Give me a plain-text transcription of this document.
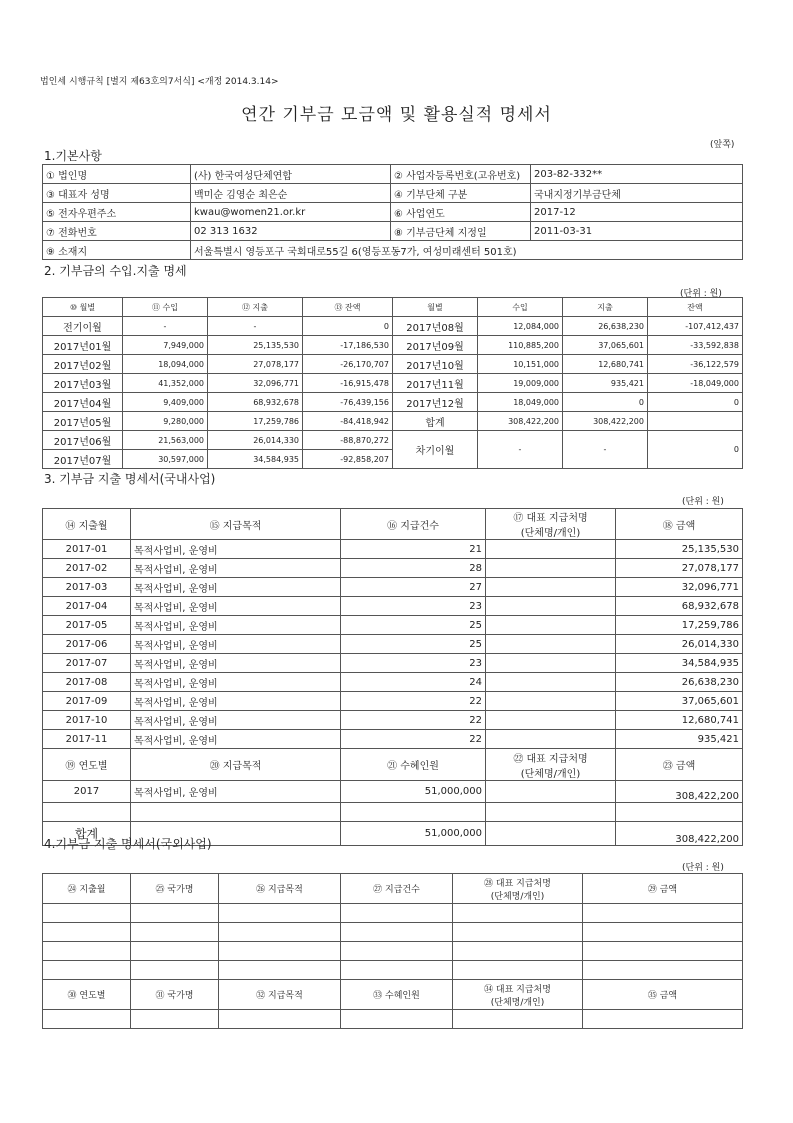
법인세 시행규칙 [별지 제63호의7서식] <개정 2014.3.14>
연간 기부금 모금액 및 활용실적 명세서
(앞쪽)
1.기본사항
① 법인명	(사) 한국여성단체연합	② 사업자등록번호(고유번호)	203-82-332**
③ 대표자 성명	백미순 김영순 최은순	④ 기부단체 구분	국내지정기부금단체
⑤ 전자우편주소	kwau@women21.or.kr	⑥ 사업연도	2017-12
⑦ 전화번호	02 313 1632	⑧ 기부금단체 지정일	2011-03-31
⑨ 소재지	서울특별시 영등포구 국회대로55길 6(영등포동7가, 여성미래센터 501호)		
2. 기부금의 수입.지출 명세
(단위 : 원)
⑩ 월별	⑪ 수입	⑫ 지출	⑬ 잔액	월별	수입	지출	잔액
전기이월	-	-	0	2017년08월	12,084,000	26,638,230	-107,412,437
2017년01월	7,949,000	25,135,530	-17,186,530	2017년09월	110,885,200	37,065,601	-33,592,838
2017년02월	18,094,000	27,078,177	-26,170,707	2017년10월	10,151,000	12,680,741	-36,122,579
2017년03월	41,352,000	32,096,771	-16,915,478	2017년11월	19,009,000	935,421	-18,049,000
2017년04월	9,409,000	68,932,678	-76,439,156	2017년12월	18,049,000	0	0
2017년05월	9,280,000	17,259,786	-84,418,942	합계	308,422,200	308,422,200	
2017년06월	21,563,000	26,014,330	-88,870,272	차기이월	-	-	0
2017년07월	30,597,000	34,584,935	-92,858,207				
3. 기부금 지출 명세서(국내사업)
(단위 : 원)
⑭ 지출월	⑮ 지급목적	⑯ 지급건수	⑰ 대표 지급처명
(단체명/개인)	⑱ 금액
2017-01	목적사업비, 운영비	21		25,135,530
2017-02	목적사업비, 운영비	28		27,078,177
2017-03	목적사업비, 운영비	27		32,096,771
2017-04	목적사업비, 운영비	23		68,932,678
2017-05	목적사업비, 운영비	25		17,259,786
2017-06	목적사업비, 운영비	25		26,014,330
2017-07	목적사업비, 운영비	23		34,584,935
2017-08	목적사업비, 운영비	24		26,638,230
2017-09	목적사업비, 운영비	22		37,065,601
2017-10	목적사업비, 운영비	22		12,680,741
2017-11	목적사업비, 운영비	22		935,421
⑲ 연도별	⑳ 지급목적	㉑ 수혜인원	㉒ 대표 지급처명
(단체명/개인)	㉓ 금액
2017	목적사업비, 운영비	51,000,000		308,422,200

합계		51,000,000		308,422,200
4.기부금 지출 명세서(국외사업)
(단위 : 원)
㉔ 지출월	㉕ 국가명	㉖ 지급목적	㉗ 지급건수	㉘ 대표 지급처명
(단체명/개인)	㉙ 금액

㉚ 연도별	㉛ 국가명	㉜ 지급목적	㉝ 수혜인원	㉞ 대표 지급처명
(단체명/개인)	㉟ 금액
